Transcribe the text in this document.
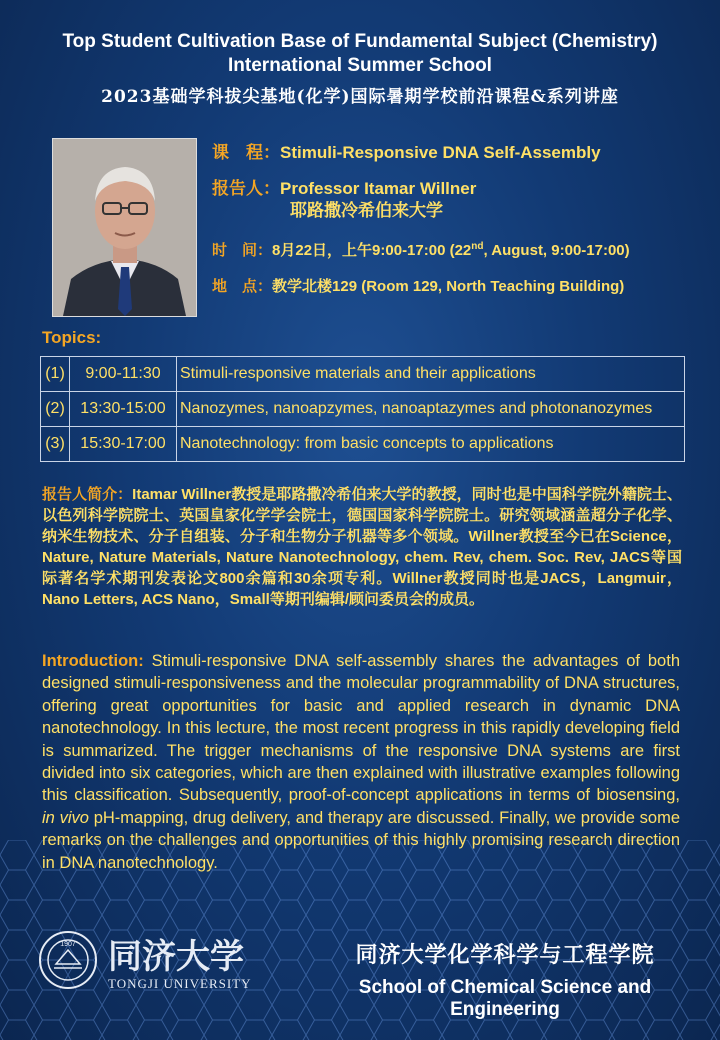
Top Student Cultivation Base of Fundamental Subject (Chemistry)
International Summer School
2023基础学科拔尖基地(化学)国际暑期学校前沿课程&系列讲座
课　程：Stimuli-Responsive DNA Self-Assembly
报告人：Professor Itamar Willner
耶路撒冷希伯来大学
时　间：8月22日，上午9:00-17:00 (22nd, August, 9:00-17:00)
地　点：教学北楼129 (Room 129, North Teaching Building)
Topics:
(1)	9:00-11:30	Stimuli-responsive materials and their applications
(2)	13:30-15:00	Nanozymes, nanoapzymes, nanoaptazymes and photonanozymes
(3)	15:30-17:00	Nanotechnology: from basic concepts to applications
报告人简介：Itamar Willner教授是耶路撒冷希伯来大学的教授，同时也是中国科学院外籍院士、以色列科学院院士、英国皇家化学学会院士，德国国家科学院院士。研究领域涵盖超分子化学、纳米生物技术、分子自组装、分子和生物分子机器等多个领域。Willner教授至今已在Science，Nature, Nature Materials, Nature Nanotechnology, chem. Rev, chem. Soc. Rev, JACS等国际著名学术期刊发表论文800余篇和30余项专利。Willner教授同时也是JACS，Langmuir，Nano Letters, ACS Nano，Small等期刊编辑/顾问委员会的成员。
Introduction: Stimuli-responsive DNA self-assembly shares the advantages of both designed stimuli-responsiveness and the molecular programmability of DNA structures, offering great opportunities for basic and applied research in dynamic DNA nanotechnology. In this lecture, the most recent progress in this rapidly developing field is summarized. The trigger mechanisms of the responsive DNA systems are first divided into six categories, which are then explained with illustrative examples following this classification. Subsequently, proof-of-concept applications in terms of biosensing, in vivo pH-mapping, drug delivery, and therapy are discussed. Finally, we provide some remarks on the challenges and opportunities of this highly promising research direction in DNA nanotechnology.
1907 同济大学
TONGJI UNIVERSITY
同济大学化学科学与工程学院
School of Chemical Science and Engineering
